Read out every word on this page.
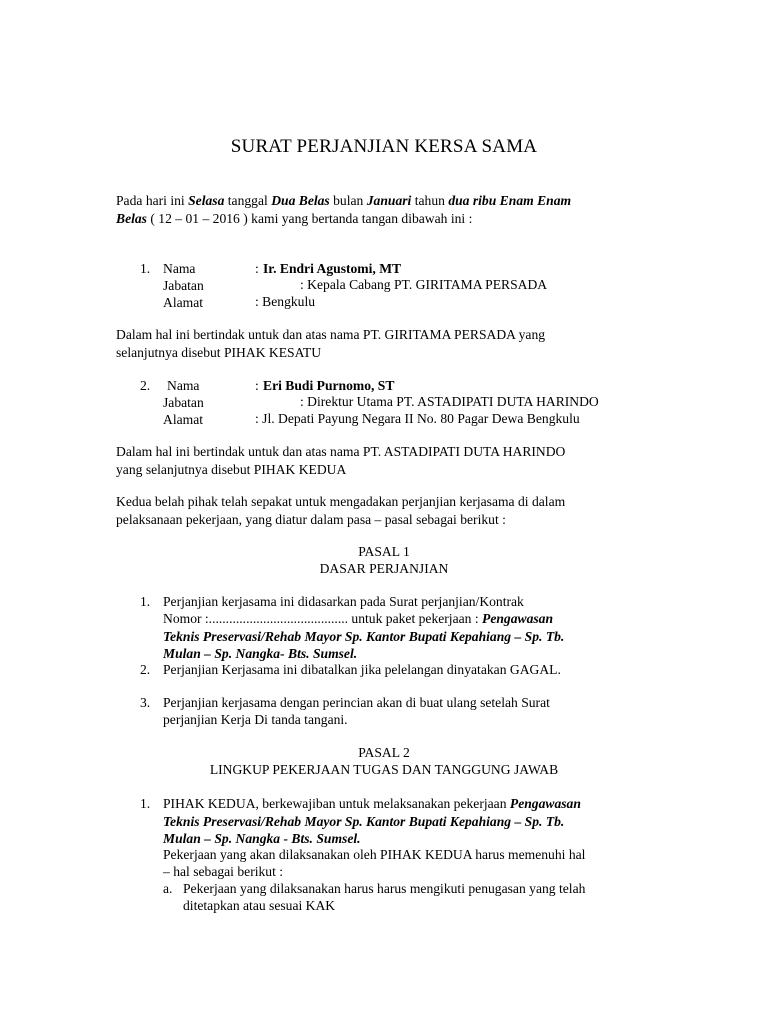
SURAT PERJANJIAN KERSA SAMA
Pada hari ini Selasa tanggal Dua Belas bulan Januari tahun dua ribu Enam Enam
Belas ( 12 – 01 – 2016 ) kami yang bertanda tangan dibawah ini :
1. Nama	: Ir. Endri Agustomi, MT
Jabatan	: Kepala Cabang PT. GIRITAMA PERSADA
Alamat	: Bengkulu
Dalam hal ini bertindak untuk dan atas nama PT. GIRITAMA PERSADA yang
selanjutnya disebut PIHAK KESATU
2. Nama	: Eri Budi Purnomo, ST
Jabatan	: Direktur Utama PT. ASTADIPATI DUTA HARINDO
Alamat	: Jl. Depati Payung Negara II No. 80 Pagar Dewa Bengkulu
Dalam hal ini bertindak untuk dan atas nama PT. ASTADIPATI DUTA HARINDO
yang selanjutnya disebut PIHAK KEDUA
Kedua belah pihak telah sepakat untuk mengadakan perjanjian kerjasama di dalam
pelaksanaan pekerjaan, yang diatur dalam pasa – pasal sebagai berikut :
PASAL 1
DASAR PERJANJIAN
1. Perjanjian kerjasama ini didasarkan pada Surat perjanjian/Kontrak
Nomor :......................................... untuk paket pekerjaan : Pengawasan
Teknis Preservasi/Rehab Mayor Sp. Kantor Bupati Kepahiang – Sp. Tb.
Mulan – Sp. Nangka- Bts. Sumsel.
2. Perjanjian Kerjasama ini dibatalkan jika pelelangan dinyatakan GAGAL.
3. Perjanjian kerjasama dengan perincian akan di buat ulang setelah Surat
perjanjian Kerja Di tanda tangani.
PASAL 2
LINGKUP PEKERJAAN TUGAS DAN TANGGUNG JAWAB
1. PIHAK KEDUA, berkewajiban untuk melaksanakan pekerjaan Pengawasan
Teknis Preservasi/Rehab Mayor Sp. Kantor Bupati Kepahiang – Sp. Tb.
Mulan – Sp. Nangka - Bts. Sumsel.
Pekerjaan yang akan dilaksanakan oleh PIHAK KEDUA harus memenuhi hal
– hal sebagai berikut :
a. Pekerjaan yang dilaksanakan harus harus mengikuti penugasan yang telah
ditetapkan atau sesuai KAK
